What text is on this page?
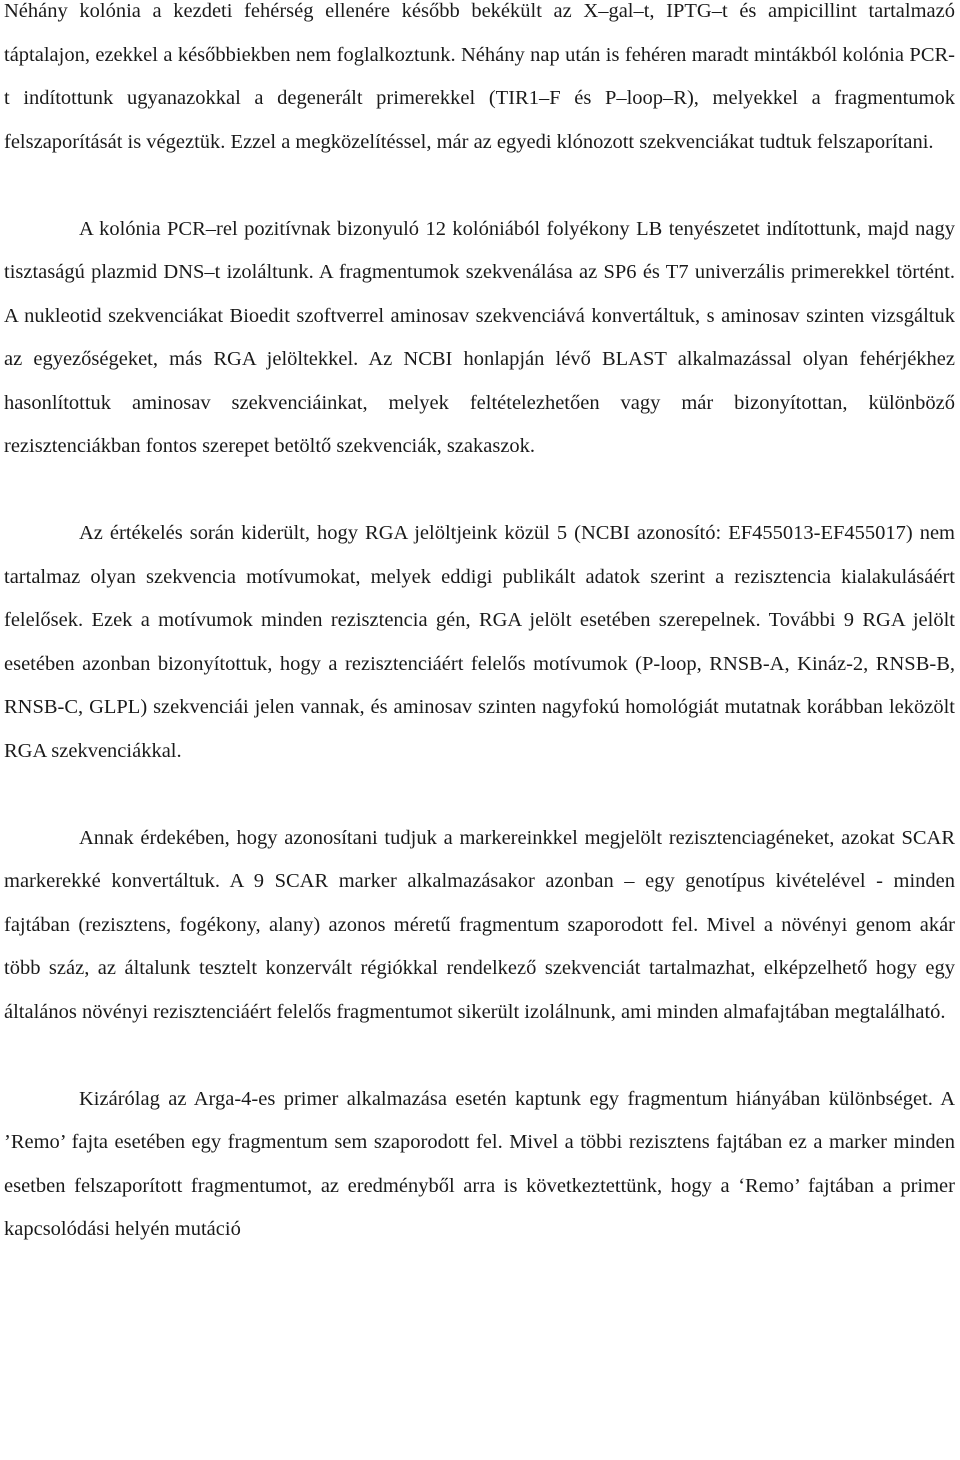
Néhány kolónia a kezdeti fehérség ellenére később bekékült az X–gal–t, IPTG–t és ampicillint tartalmazó táptalajon, ezekkel a későbbiekben nem foglalkoztunk. Néhány nap után is fehéren maradt mintákból kolónia PCR-t indítottunk ugyanazokkal a degenerált primerekkel (TIR1–F és P–loop–R), melyekkel a fragmentumok felszaporítását is végeztük. Ezzel a megközelítéssel, már az egyedi klónozott szekvenciákat tudtuk felszaporítani.

A kolónia PCR–rel pozitívnak bizonyuló 12 kolóniából folyékony LB tenyészetet indítottunk, majd nagy tisztaságú plazmid DNS–t izoláltunk. A fragmentumok szekvenálása az SP6 és T7 univerzális primerekkel történt. A nukleotid szekvenciákat Bioedit szoftverrel aminosav szekvenciává konvertáltuk, s aminosav szinten vizsgáltuk az egyezőségeket, más RGA jelöltekkel. Az NCBI honlapján lévő BLAST alkalmazással olyan fehérjékhez hasonlítottuk aminosav szekvenciáinkat, melyek feltételezhetően vagy már bizonyítottan, különböző rezisztenciákban fontos szerepet betöltő szekvenciák, szakaszok.

Az értékelés során kiderült, hogy RGA jelöltjeink közül 5 (NCBI azonosító: EF455013-EF455017) nem tartalmaz olyan szekvencia motívumokat, melyek eddigi publikált adatok szerint a rezisztencia kialakulásáért felelősek. Ezek a motívumok minden rezisztencia gén, RGA jelölt esetében szerepelnek. További 9 RGA jelölt esetében azonban bizonyítottuk, hogy a rezisztenciáért felelős motívumok (P-loop, RNSB-A, Kináz-2, RNSB-B, RNSB-C, GLPL) szekvenciái jelen vannak, és aminosav szinten nagyfokú homológiát mutatnak korábban leközölt RGA szekvenciákkal.

Annak érdekében, hogy azonosítani tudjuk a markereinkkel megjelölt rezisztenciagéneket, azokat SCAR markerekké konvertáltuk. A 9 SCAR marker alkalmazásakor azonban – egy genotípus kivételével - minden fajtában (rezisztens, fogékony, alany) azonos méretű fragmentum szaporodott fel. Mivel a növényi genom akár több száz, az általunk tesztelt konzervált régiókkal rendelkező szekvenciát tartalmazhat, elképzelhető hogy egy általános növényi rezisztenciáért felelős fragmentumot sikerült izolálnunk, ami minden almafajtában megtalálható.

Kizárólag az Arga-4-es primer alkalmazása esetén kaptunk egy fragmentum hiányában különbséget. A ’Remo’ fajta esetében egy fragmentum sem szaporodott fel. Mivel a többi rezisztens fajtában ez a marker minden esetben felszaporított fragmentumot, az eredményből arra is következtettünk, hogy a ‘Remo’ fajtában a primer kapcsolódási helyén mutáció
